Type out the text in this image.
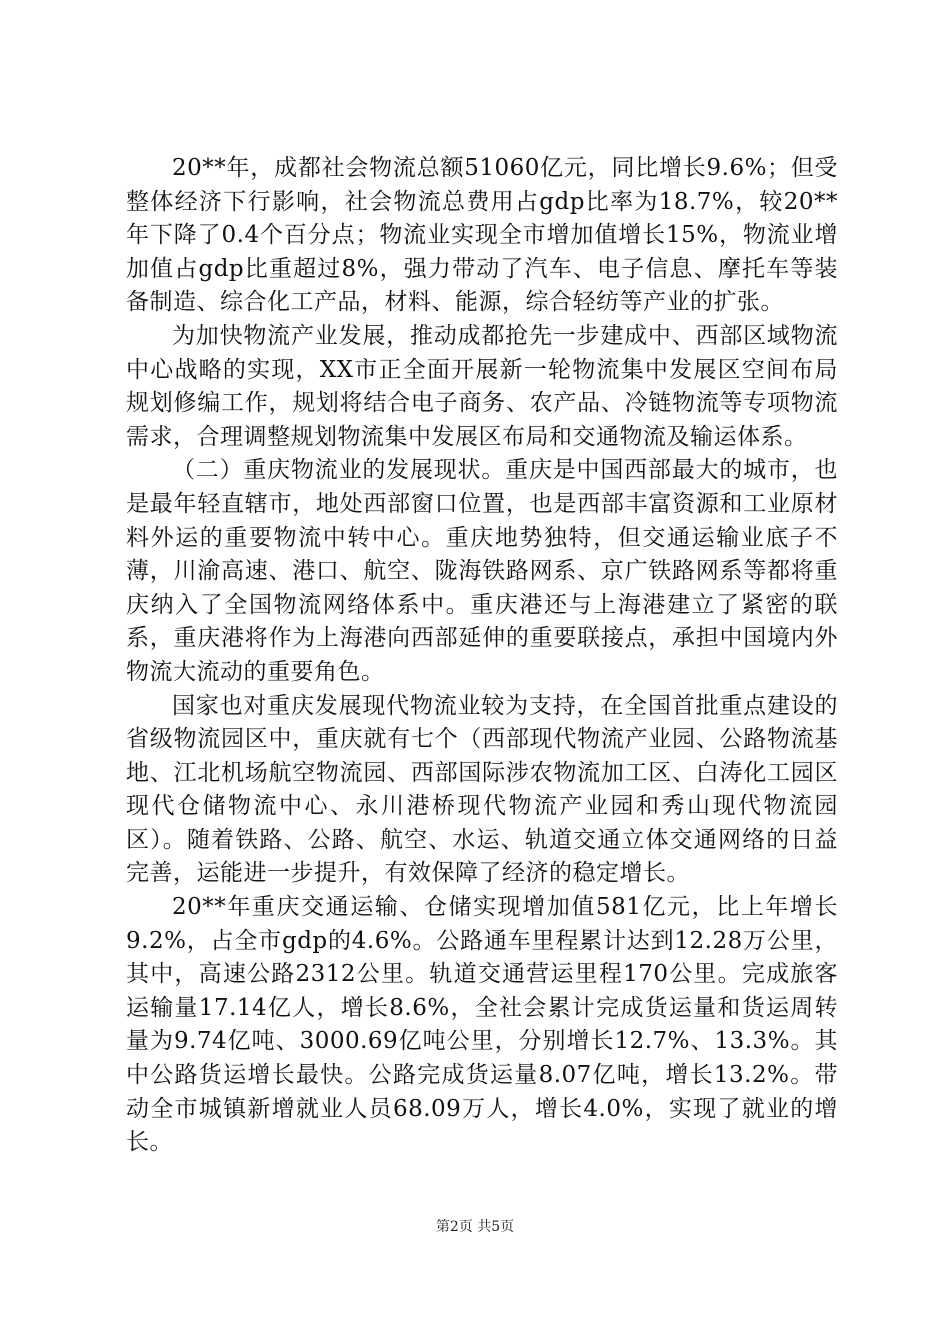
20**年，成都社会物流总额51060亿元，同比增长9.6%；但受整体经济下行影响，社会物流总费用占gdp比率为18.7%，较20**年下降了0.4个百分点；物流业实现全市增加值增长15%，物流业增加值占gdp比重超过8%，强力带动了汽车、电子信息、摩托车等装备制造、综合化工产品，材料、能源，综合轻纺等产业的扩张。

为加快物流产业发展，推动成都抢先一步建成中、西部区域物流中心战略的实现，XX市正全面开展新一轮物流集中发展区空间布局规划修编工作，规划将结合电子商务、农产品、冷链物流等专项物流需求，合理调整规划物流集中发展区布局和交通物流及输运体系。

（二）重庆物流业的发展现状。重庆是中国西部最大的城市，也是最年轻直辖市，地处西部窗口位置，也是西部丰富资源和工业原材料外运的重要物流中转中心。重庆地势独特，但交通运输业底子不薄，川渝高速、港口、航空、陇海铁路网系、京广铁路网系等都将重庆纳入了全国物流网络体系中。重庆港还与上海港建立了紧密的联系，重庆港将作为上海港向西部延伸的重要联接点，承担中国境内外物流大流动的重要角色。

国家也对重庆发展现代物流业较为支持，在全国首批重点建设的省级物流园区中，重庆就有七个（西部现代物流产业园、公路物流基地、江北机场航空物流园、西部国际涉农物流加工区、白涛化工园区现代仓储物流中心、永川港桥现代物流产业园和秀山现代物流园区）。随着铁路、公路、航空、水运、轨道交通立体交通网络的日益完善，运能进一步提升，有效保障了经济的稳定增长。

20**年重庆交通运输、仓储实现增加值581亿元，比上年增长9.2%，占全市gdp的4.6%。公路通车里程累计达到12.28万公里，其中，高速公路2312公里。轨道交通营运里程170公里。完成旅客运输量17.14亿人，增长8.6%，全社会累计完成货运量和货运周转量为9.74亿吨、3000.69亿吨公里，分别增长12.7%、13.3%。其中公路货运增长最快。公路完成货运量8.07亿吨，增长13.2%。带动全市城镇新增就业人员68.09万人，增长4.0%，实现了就业的增长。

第2页 共5页
